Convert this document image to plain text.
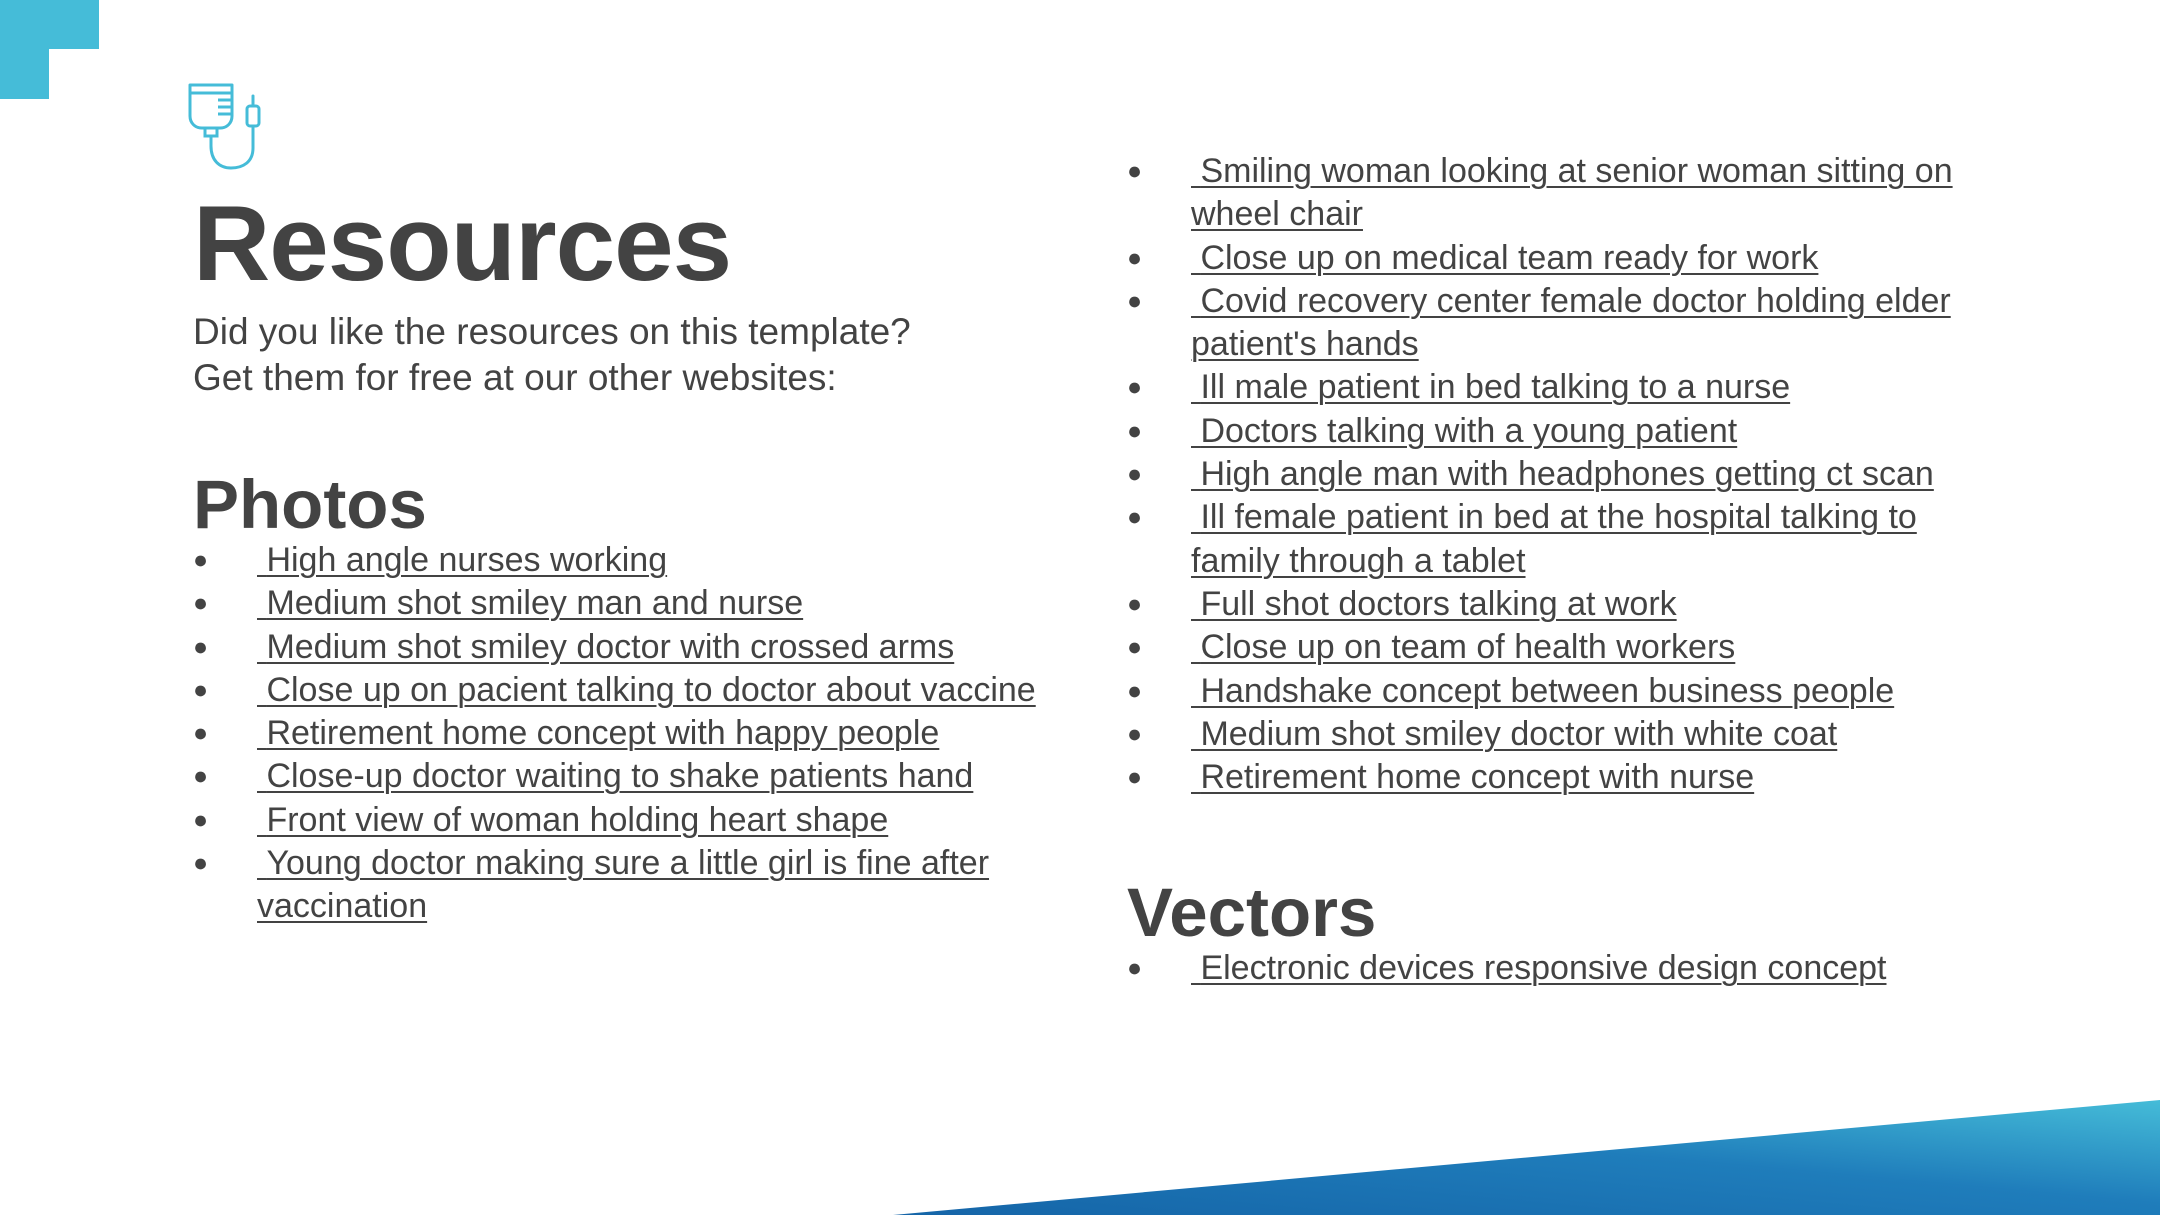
Resources

Did you like the resources on this template?
Get them for free at our other websites:

Photos
●	High angle nurses working
●	Medium shot smiley man and nurse
●	Medium shot smiley doctor with crossed arms
●	Close up on pacient talking to doctor about vaccine
●	Retirement home concept with happy people
●	Close-up doctor waiting to shake patients hand
●	Front view of woman holding heart shape
●	Young doctor making sure a little girl is fine after vaccination
●	Smiling woman looking at senior woman sitting on wheel chair
●	Close up on medical team ready for work
●	Covid recovery center female doctor holding elder patient's hands
●	Ill male patient in bed talking to a nurse
●	Doctors talking with a young patient
●	High angle man with headphones getting ct scan
●	Ill female patient in bed at the hospital talking to family through a tablet
●	Full shot doctors talking at work
●	Close up on team of health workers
●	Handshake concept between business people
●	Medium shot smiley doctor with white coat
●	Retirement home concept with nurse
Vectors
●	Electronic devices responsive design concept
